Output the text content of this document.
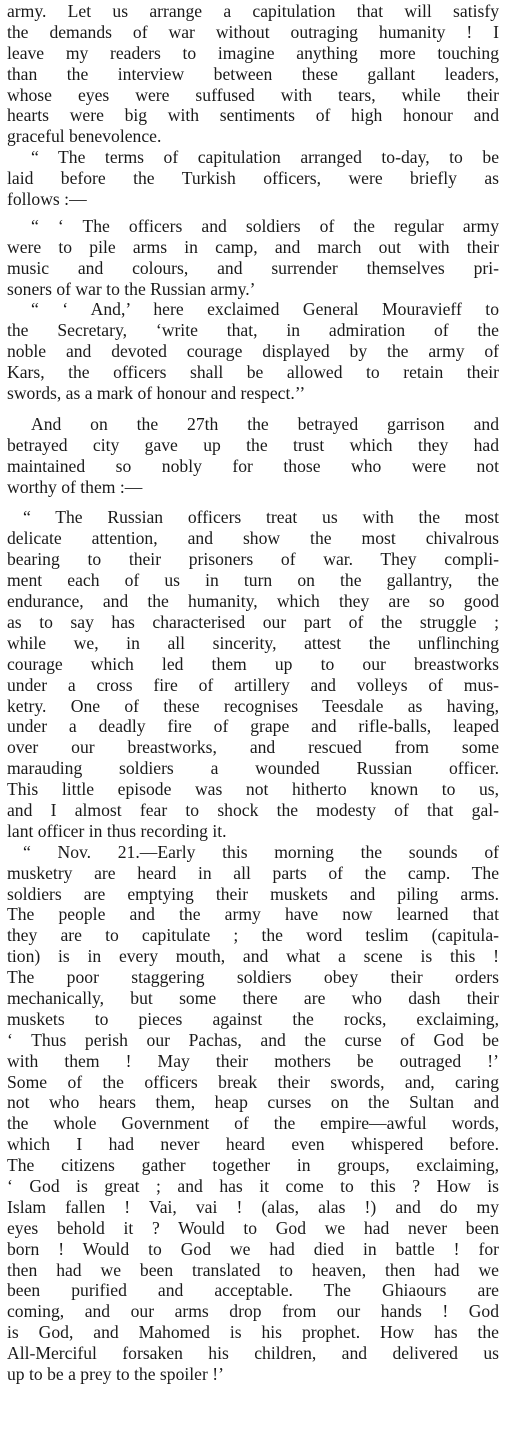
army. Let us arrange a capitulation that will satisfy
the demands of war without outraging humanity ! I
leave my readers to imagine anything more touching
than the interview between these gallant leaders,
whose eyes were suffused with tears, while their
hearts were big with sentiments of high honour and
graceful benevolence.
“ The terms of capitulation arranged to-day, to be
laid before the Turkish officers, were briefly as
follows :—
“ ‘ The officers and soldiers of the regular army
were to pile arms in camp, and march out with their
music and colours, and surrender themselves pri-
soners of war to the Russian army.’
“ ‘ And,’ here exclaimed General Mouravieff to
the Secretary, ‘write that, in admiration of the
noble and devoted courage displayed by the army of
Kars, the officers shall be allowed to retain their
swords, as a mark of honour and respect.’’
And on the 27th the betrayed garrison and
betrayed city gave up the trust which they had
maintained so nobly for those who were not
worthy of them :—
“ The Russian officers treat us with the most
delicate attention, and show the most chivalrous
bearing to their prisoners of war. They compli-
ment each of us in turn on the gallantry, the
endurance, and the humanity, which they are so good
as to say has characterised our part of the struggle ;
while we, in all sincerity, attest the unflinching
courage which led them up to our breastworks
under a cross fire of artillery and volleys of mus-
ketry. One of these recognises Teesdale as having,
under a deadly fire of grape and rifle-balls, leaped
over our breastworks, and rescued from some
marauding soldiers a wounded Russian officer.
This little episode was not hitherto known to us,
and I almost fear to shock the modesty of that gal-
lant officer in thus recording it.
“ Nov. 21.—Early this morning the sounds of
musketry are heard in all parts of the camp. The
soldiers are emptying their muskets and piling arms.
The people and the army have now learned that
they are to capitulate ; the word teslim (capitula-
tion) is in every mouth, and what a scene is this !
The poor staggering soldiers obey their orders
mechanically, but some there are who dash their
muskets to pieces against the rocks, exclaiming,
‘ Thus perish our Pachas, and the curse of God be
with them ! May their mothers be outraged !’
Some of the officers break their swords, and, caring
not who hears them, heap curses on the Sultan and
the whole Government of the empire—awful words,
which I had never heard even whispered before.
The citizens gather together in groups, exclaiming,
‘ God is great ; and has it come to this ? How is
Islam fallen ! Vai, vai ! (alas, alas !) and do my
eyes behold it ? Would to God we had never been
born ! Would to God we had died in battle ! for
then had we been translated to heaven, then had we
been purified and acceptable. The Ghiaours are
coming, and our arms drop from our hands ! God
is God, and Mahomed is his prophet. How has the
All-Merciful forsaken his children, and delivered us
up to be a prey to the spoiler !’
